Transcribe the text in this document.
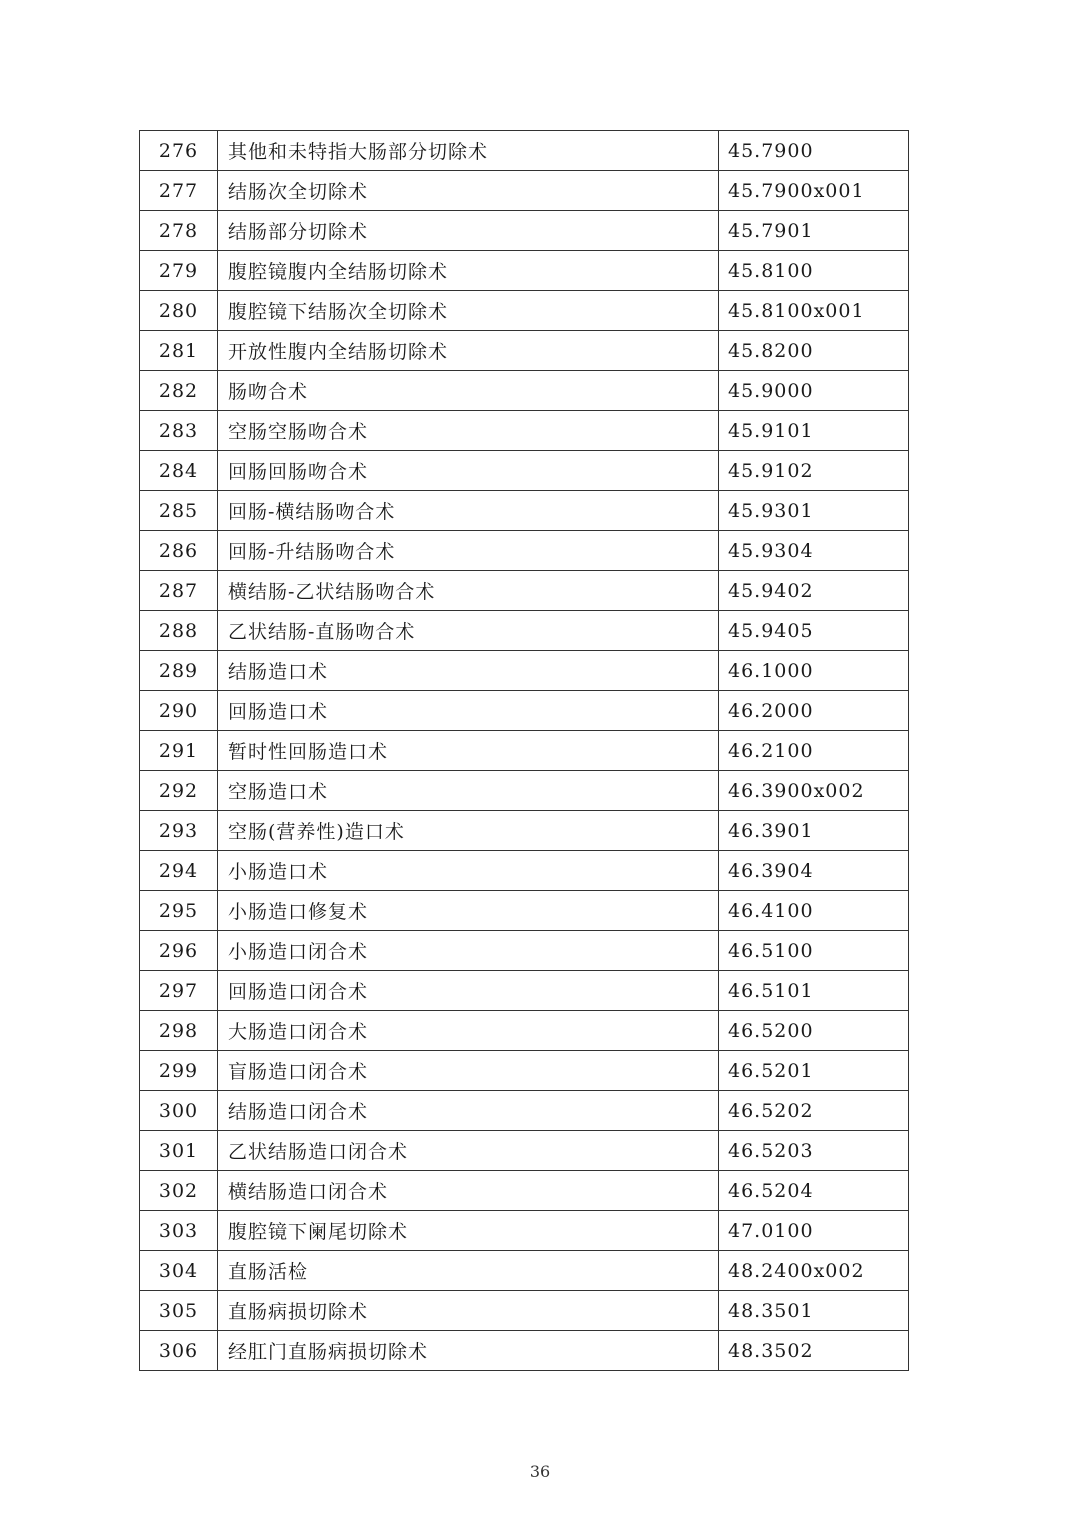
276	其他和未特指大肠部分切除术	45.7900
277	结肠次全切除术	45.7900x001
278	结肠部分切除术	45.7901
279	腹腔镜腹内全结肠切除术	45.8100
280	腹腔镜下结肠次全切除术	45.8100x001
281	开放性腹内全结肠切除术	45.8200
282	肠吻合术	45.9000
283	空肠空肠吻合术	45.9101
284	回肠回肠吻合术	45.9102
285	回肠-横结肠吻合术	45.9301
286	回肠-升结肠吻合术	45.9304
287	横结肠-乙状结肠吻合术	45.9402
288	乙状结肠-直肠吻合术	45.9405
289	结肠造口术	46.1000
290	回肠造口术	46.2000
291	暂时性回肠造口术	46.2100
292	空肠造口术	46.3900x002
293	空肠(营养性)造口术	46.3901
294	小肠造口术	46.3904
295	小肠造口修复术	46.4100
296	小肠造口闭合术	46.5100
297	回肠造口闭合术	46.5101
298	大肠造口闭合术	46.5200
299	盲肠造口闭合术	46.5201
300	结肠造口闭合术	46.5202
301	乙状结肠造口闭合术	46.5203
302	横结肠造口闭合术	46.5204
303	腹腔镜下阑尾切除术	47.0100
304	直肠活检	48.2400x002
305	直肠病损切除术	48.3501
306	经肛门直肠病损切除术	48.3502
36
